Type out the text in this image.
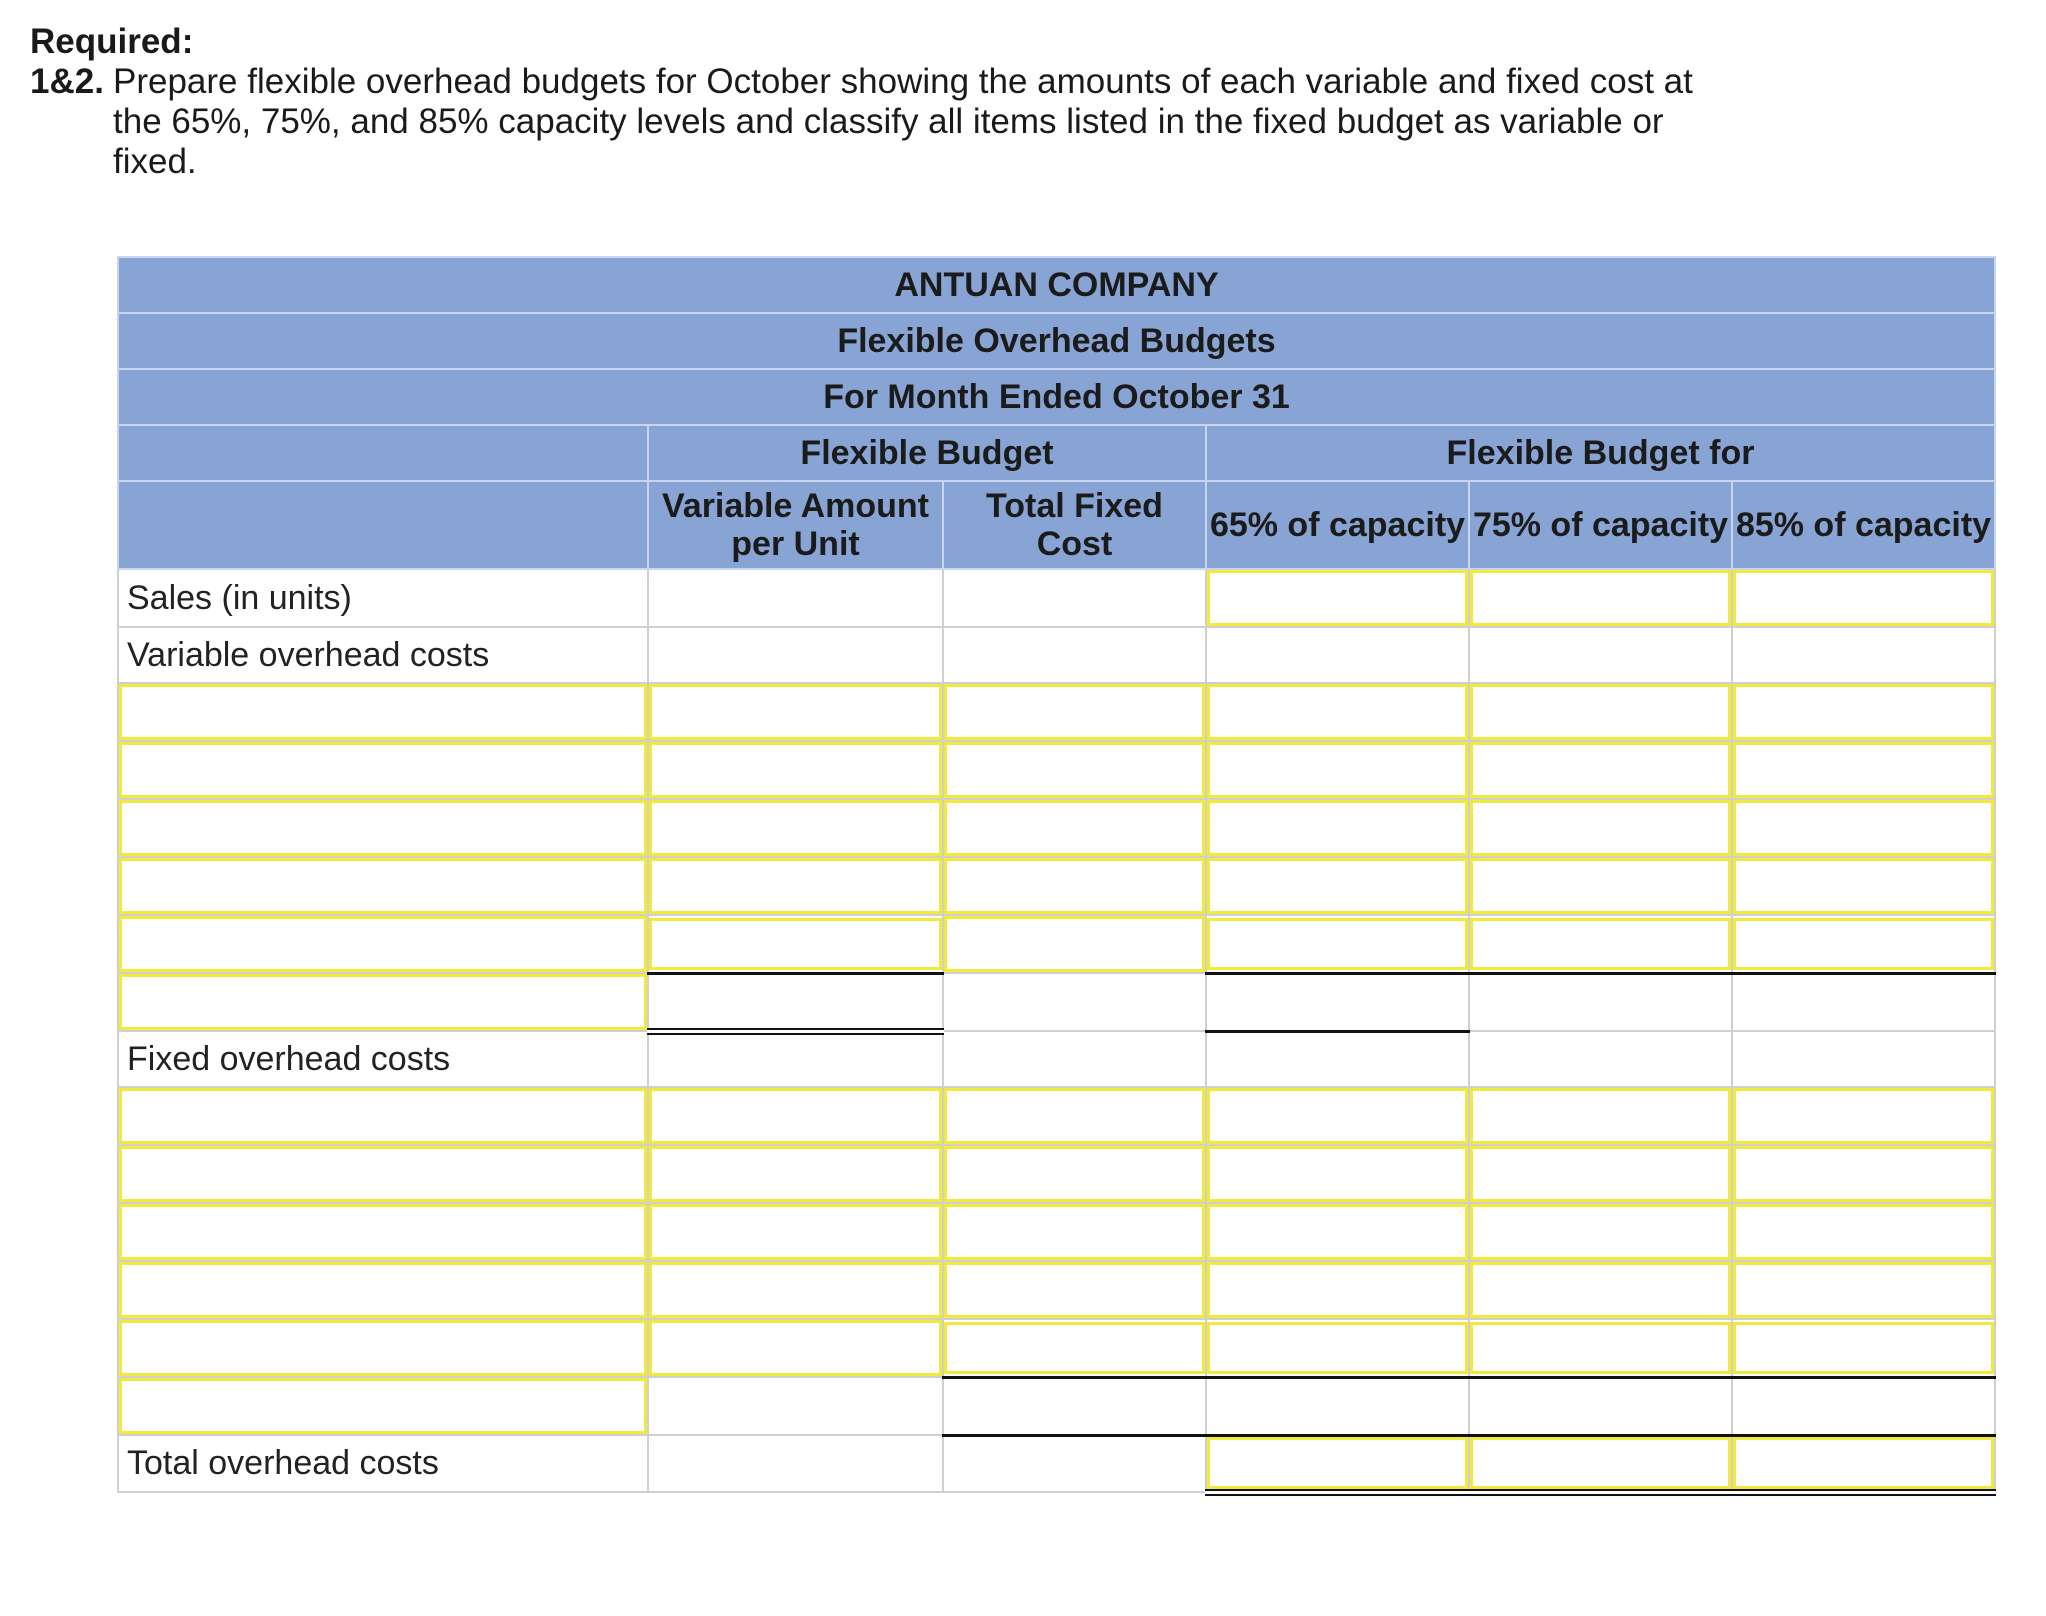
Required:
1&2. Prepare flexible overhead budgets for October showing the amounts of each variable and fixed cost at the 65%, 75%, and 85% capacity levels and classify all items listed in the fixed budget as variable or fixed.
ANTUAN COMPANY					
Flexible Overhead Budgets					
For Month Ended October 31					
	Flexible Budget		Flexible Budget for		
	Variable Amount per Unit	Total Fixed Cost	65% of capacity	75% of capacity	85% of capacity
Sales (in units)			

Variable overhead costs					

Fixed overhead costs					

Total overhead costs			
